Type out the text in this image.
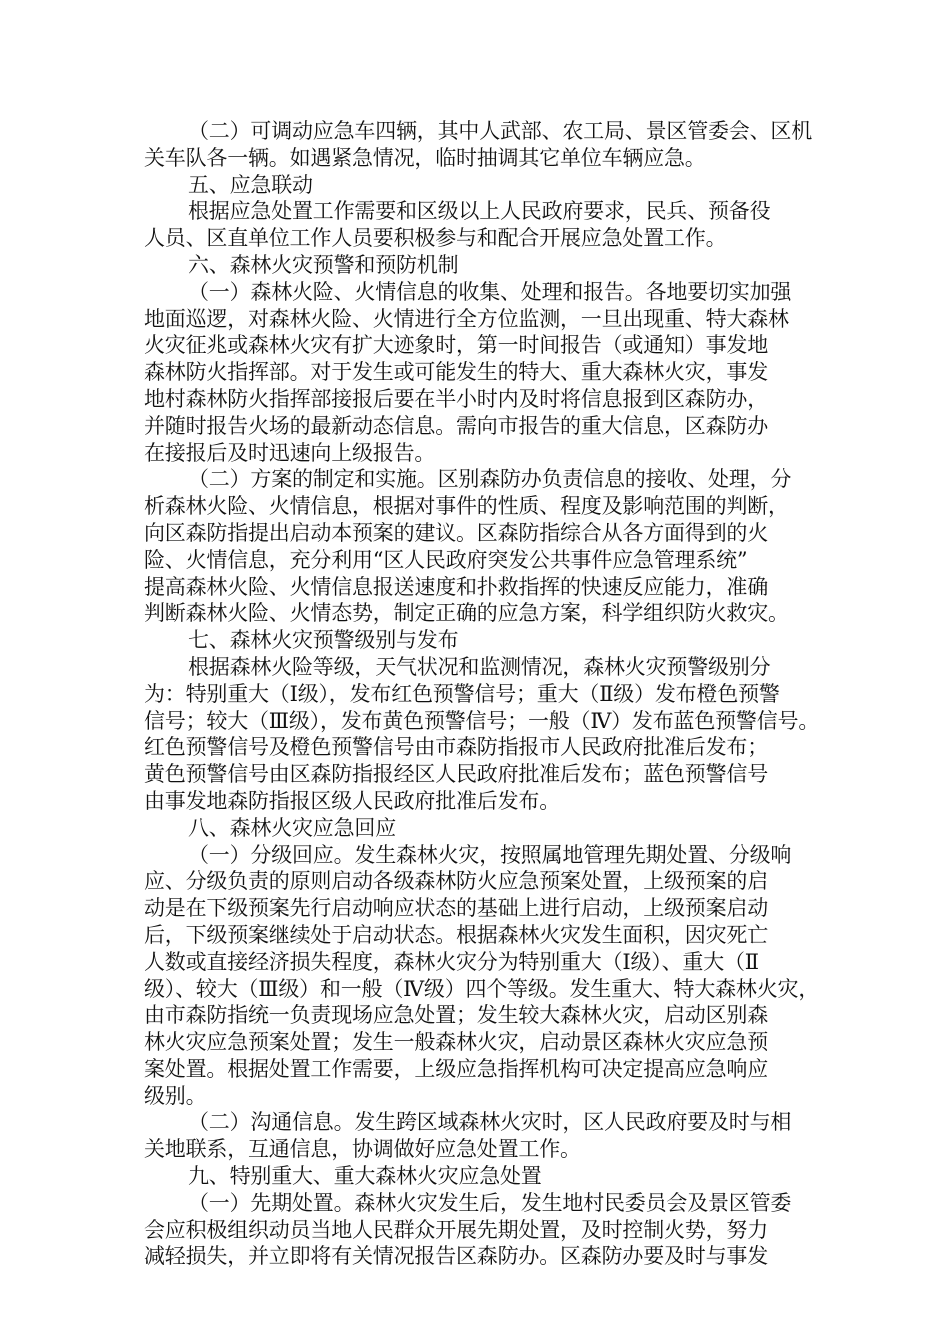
（二）可调动应急车四辆，其中人武部、农工局、景区管委会、区机
关车队各一辆。如遇紧急情况，临时抽调其它单位车辆应急。
五、应急联动
根据应急处置工作需要和区级以上人民政府要求，民兵、预备役
人员、区直单位工作人员要积极参与和配合开展应急处置工作。
六、森林火灾预警和预防机制
（一）森林火险、火情信息的收集、处理和报告。各地要切实加强
地面巡逻，对森林火险、火情进行全方位监测，一旦出现重、特大森林
火灾征兆或森林火灾有扩大迹象时，第一时间报告（或通知）事发地
森林防火指挥部。对于发生或可能发生的特大、重大森林火灾，事发
地村森林防火指挥部接报后要在半小时内及时将信息报到区森防办，
并随时报告火场的最新动态信息。需向市报告的重大信息，区森防办
在接报后及时迅速向上级报告。
（二）方案的制定和实施。区别森防办负责信息的接收、处理，分
析森林火险、火情信息，根据对事件的性质、程度及影响范围的判断，
向区森防指提出启动本预案的建议。区森防指综合从各方面得到的火
险、火情信息，充分利用“区人民政府突发公共事件应急管理系统”
提高森林火险、火情信息报送速度和扑救指挥的快速反应能力，准确
判断森林火险、火情态势，制定正确的应急方案，科学组织防火救灾。
七、森林火灾预警级别与发布
根据森林火险等级，天气状况和监测情况，森林火灾预警级别分
为：特别重大（Ⅰ级），发布红色预警信号；重大（Ⅱ级）发布橙色预警
信号；较大（Ⅲ级），发布黄色预警信号；一般（Ⅳ）发布蓝色预警信号。
红色预警信号及橙色预警信号由市森防指报市人民政府批准后发布；
黄色预警信号由区森防指报经区人民政府批准后发布；蓝色预警信号
由事发地森防指报区级人民政府批准后发布。
八、森林火灾应急回应
（一）分级回应。发生森林火灾，按照属地管理先期处置、分级响
应、分级负责的原则启动各级森林防火应急预案处置，上级预案的启
动是在下级预案先行启动响应状态的基础上进行启动，上级预案启动
后，下级预案继续处于启动状态。根据森林火灾发生面积，因灾死亡
人数或直接经济损失程度，森林火灾分为特别重大（Ⅰ级）、重大（Ⅱ
级）、较大（Ⅲ级）和一般（Ⅳ级）四个等级。发生重大、特大森林火灾，
由市森防指统一负责现场应急处置；发生较大森林火灾，启动区别森
林火灾应急预案处置；发生一般森林火灾，启动景区森林火灾应急预
案处置。根据处置工作需要，上级应急指挥机构可决定提高应急响应
级别。
（二）沟通信息。发生跨区域森林火灾时，区人民政府要及时与相
关地联系，互通信息，协调做好应急处置工作。
九、特别重大、重大森林火灾应急处置
（一）先期处置。森林火灾发生后，发生地村民委员会及景区管委
会应积极组织动员当地人民群众开展先期处置，及时控制火势，努力
减轻损失，并立即将有关情况报告区森防办。区森防办要及时与事发
